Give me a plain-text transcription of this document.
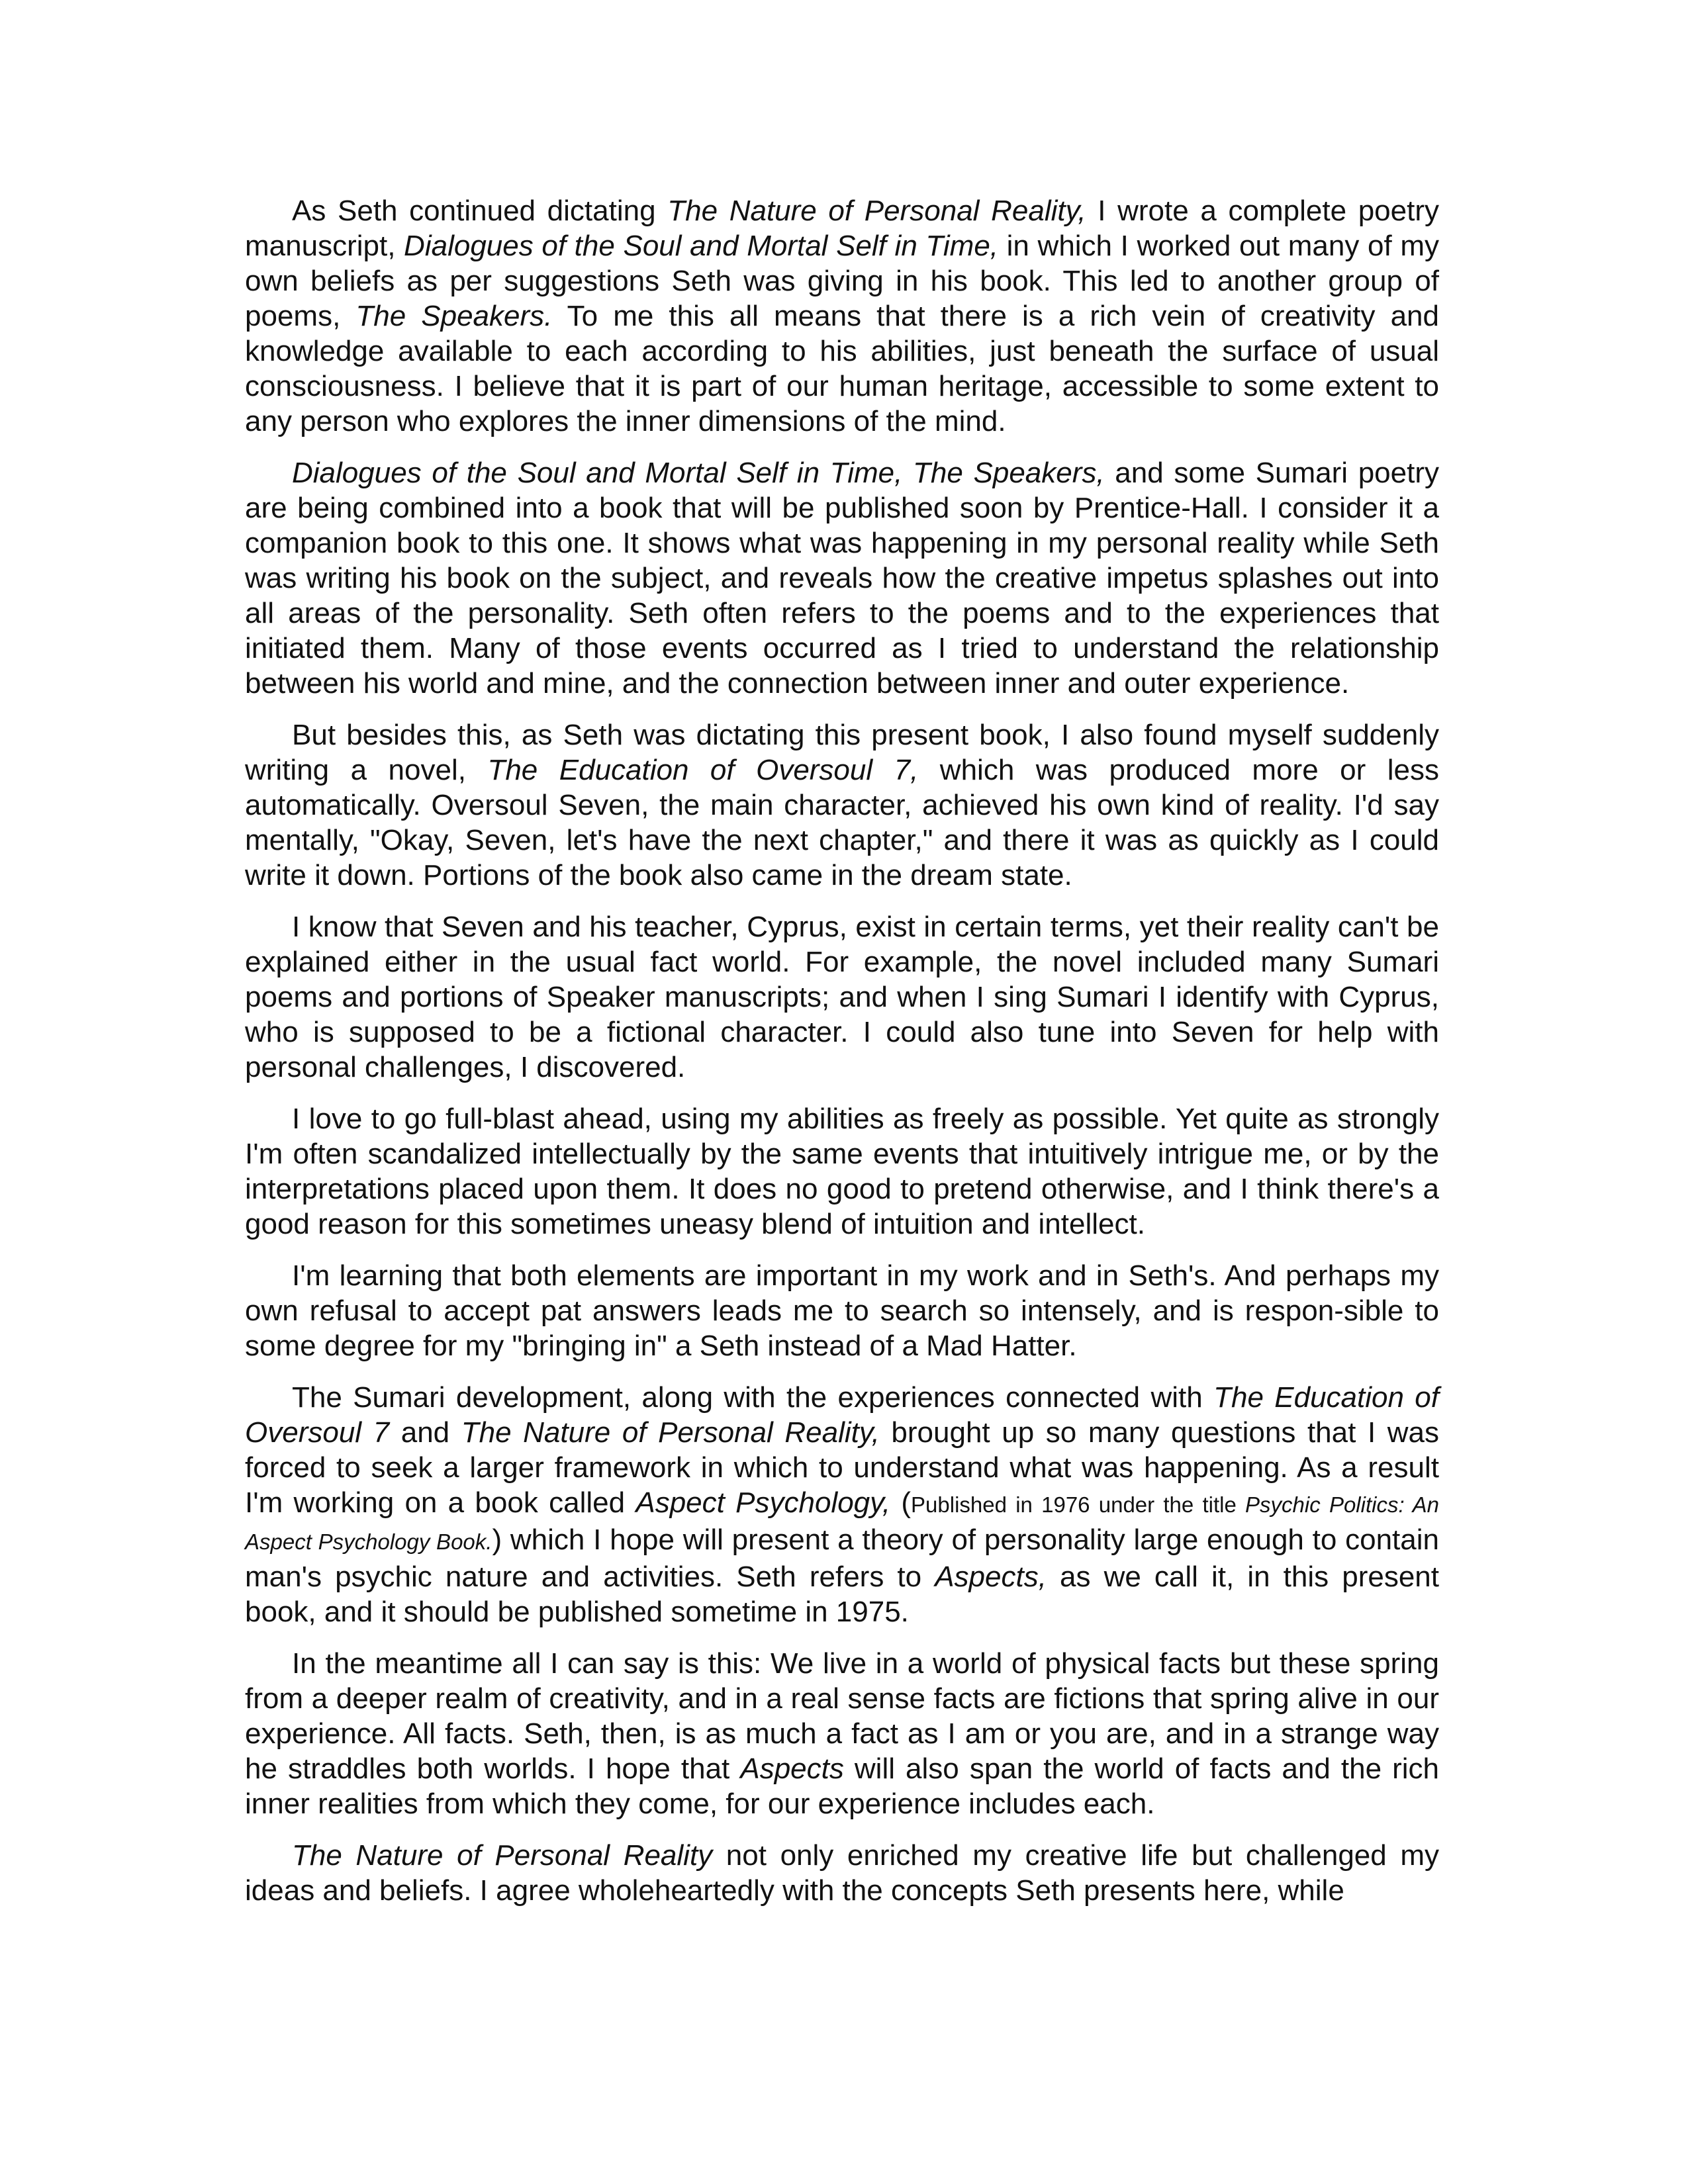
As Seth continued dictating The Nature of Personal Reality, I wrote a complete poetry manuscript, Dialogues of the Soul and Mortal Self in Time, in which I worked out many of my own beliefs as per suggestions Seth was giving in his book. This led to another group of poems, The Speakers. To me this all means that there is a rich vein of creativity and knowledge available to each according to his abilities, just beneath the surface of usual consciousness. I believe that it is part of our human heritage, accessible to some extent to any person who explores the inner dimensions of the mind.

Dialogues of the Soul and Mortal Self in Time, The Speakers, and some Sumari poetry are being combined into a book that will be published soon by Prentice-Hall. I consider it a companion book to this one. It shows what was happening in my personal reality while Seth was writing his book on the subject, and reveals how the creative impetus splashes out into all areas of the personality. Seth often refers to the poems and to the experiences that initiated them. Many of those events occurred as I tried to understand the relationship between his world and mine, and the connection between inner and outer experience.

But besides this, as Seth was dictating this present book, I also found myself suddenly writing a novel, The Education of Oversoul 7, which was produced more or less automatically. Oversoul Seven, the main character, achieved his own kind of reality. I'd say mentally, "Okay, Seven, let's have the next chapter," and there it was as quickly as I could write it down. Portions of the book also came in the dream state.

I know that Seven and his teacher, Cyprus, exist in certain terms, yet their reality can't be explained either in the usual fact world. For example, the novel included many Sumari poems and portions of Speaker manuscripts; and when I sing Sumari I identify with Cyprus, who is supposed to be a fictional character. I could also tune into Seven for help with personal challenges, I discovered.

I love to go full-blast ahead, using my abilities as freely as possible. Yet quite as strongly I'm often scandalized intellectually by the same events that intuitively intrigue me, or by the interpretations placed upon them. It does no good to pretend otherwise, and I think there's a good reason for this sometimes uneasy blend of intuition and intellect.

I'm learning that both elements are important in my work and in Seth's. And perhaps my own refusal to accept pat answers leads me to search so intensely, and is respon-sible to some degree for my "bringing in" a Seth instead of a Mad Hatter.

The Sumari development, along with the experiences connected with The Education of Oversoul 7 and The Nature of Personal Reality, brought up so many questions that I was forced to seek a larger framework in which to understand what was happening. As a result I'm working on a book called Aspect Psychology, (Published in 1976 under the title Psychic Politics: An Aspect Psychology Book.) which I hope will present a theory of personality large enough to contain man's psychic nature and activities. Seth refers to Aspects, as we call it, in this present book, and it should be published sometime in 1975.

In the meantime all I can say is this: We live in a world of physical facts but these spring from a deeper realm of creativity, and in a real sense facts are fictions that spring alive in our experience. All facts. Seth, then, is as much a fact as I am or you are, and in a strange way he straddles both worlds. I hope that Aspects will also span the world of facts and the rich inner realities from which they come, for our experience includes each.

The Nature of Personal Reality not only enriched my creative life but challenged my ideas and beliefs. I agree wholeheartedly with the concepts Seth presents here, while
